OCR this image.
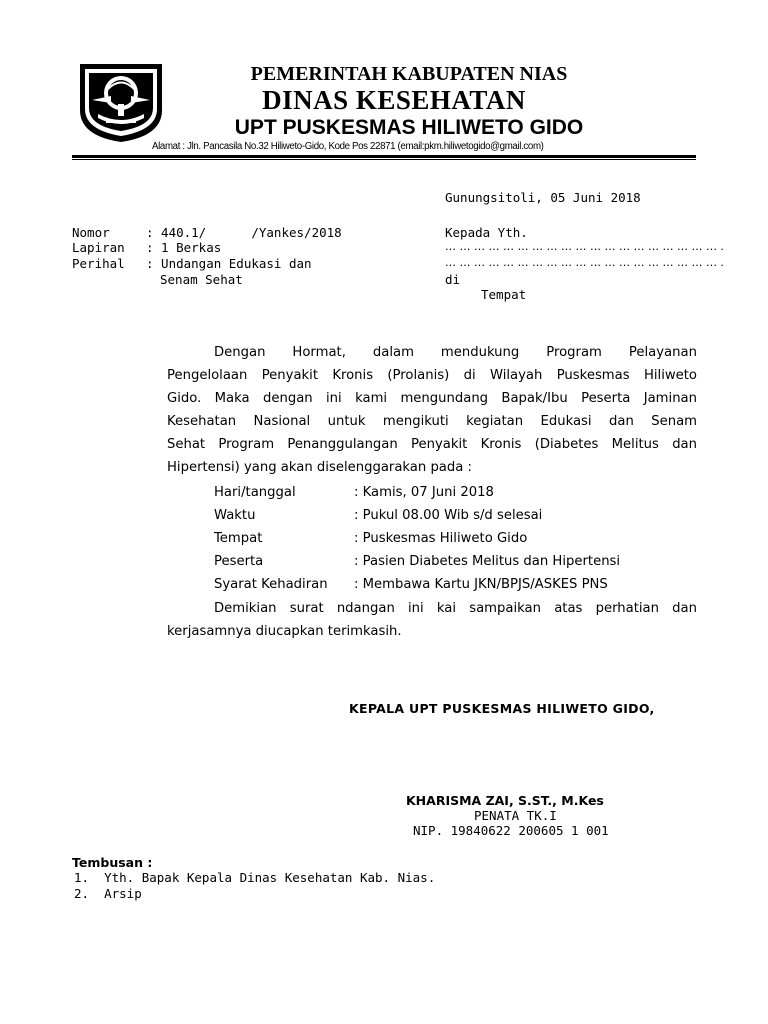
PEMERINTAH KABUPATEN NIAS
DINAS KESEHATAN
UPT PUSKESMAS HILIWETO GIDO
Alamat : Jln. Pancasila No.32 Hiliweto-Gido, Kode Pos 22871 (email:pkm.hiliwetogido@gmail.com)
Gunungsitoli, 05 Juni 2018
Nomor	: 440.1/      /Yankes/2018
Lapiran : 1 Berkas
Perihal : Undangan Edukasi dan
Senam Sehat
Kepada Yth.
… … … … … … … … … … … … … … … … … … … .
… … … … … … … … … … … … … … … … … … … .
di
Tempat
Dengan Hormat, dalam mendukung Program Pelayanan
Pengelolaan Penyakit Kronis (Prolanis) di Wilayah Puskesmas Hiliweto
Gido. Maka dengan ini kami mengundang Bapak/Ibu Peserta Jaminan
Kesehatan Nasional untuk mengikuti kegiatan Edukasi dan Senam
Sehat Program Penanggulangan Penyakit Kronis (Diabetes Melitus dan
Hipertensi) yang akan diselenggarakan pada :
Hari/tanggal	: Kamis, 07 Juni 2018
Waktu	: Pukul 08.00 Wib s/d selesai
Tempat	: Puskesmas Hiliweto Gido
Peserta	: Pasien Diabetes Melitus dan Hipertensi
Syarat Kehadiran : Membawa Kartu JKN/BPJS/ASKES PNS
Demikian surat ndangan ini kai sampaikan atas perhatian dan
kerjasamnya diucapkan terimkasih.
KEPALA UPT PUSKESMAS HILIWETO GIDO,
KHARISMA ZAI, S.ST., M.Kes
PENATA TK.I
NIP. 19840622 200605 1 001
Tembusan :
1.  Yth. Bapak Kepala Dinas Kesehatan Kab. Nias.
2.  Arsip
